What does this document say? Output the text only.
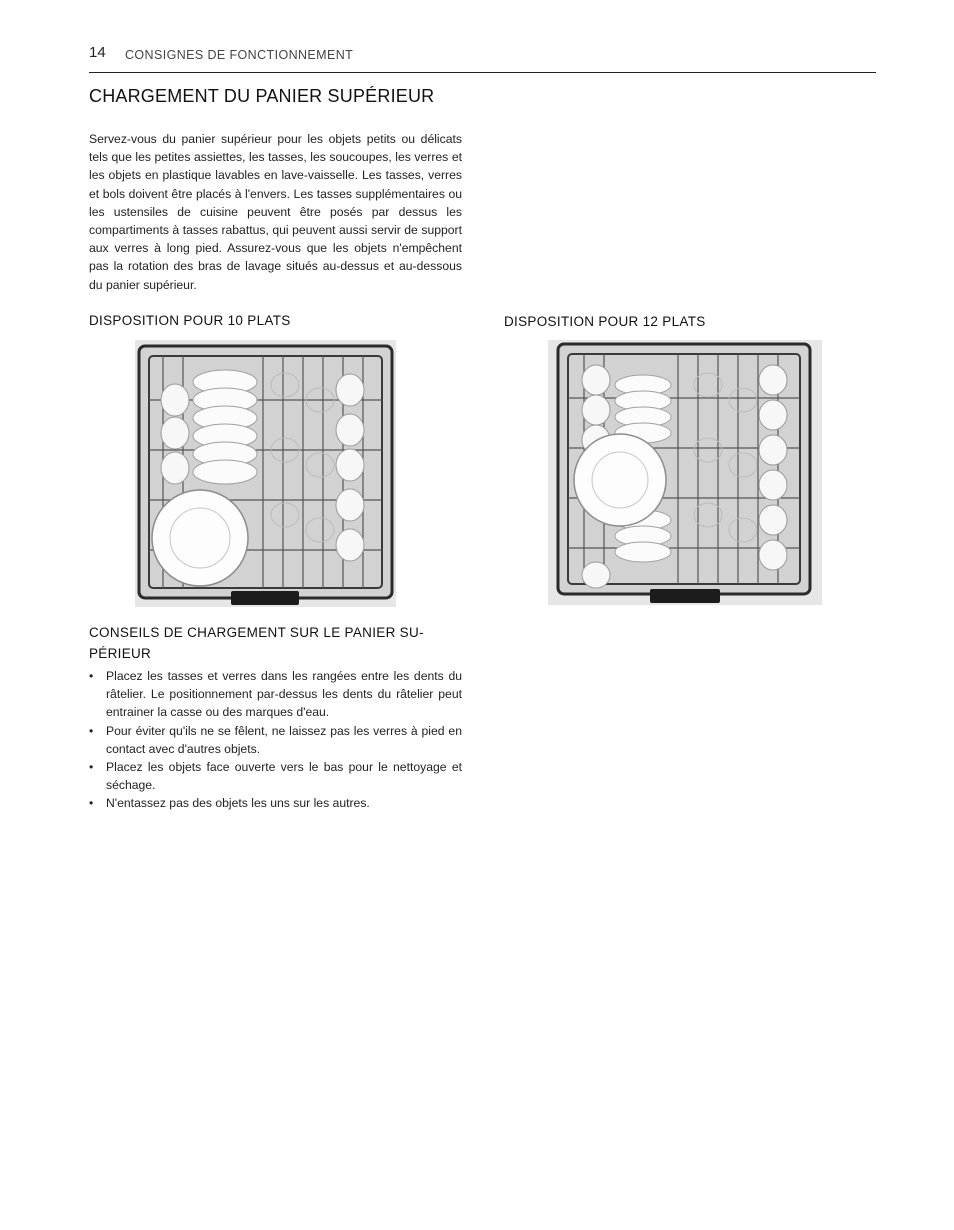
14 CONSIGNES DE FONCTIONNEMENT
CHARGEMENT DU PANIER SUPÉRIEUR

Servez-vous du panier supérieur pour les objets petits ou délicats tels que les petites assiettes, les tasses, les soucoupes, les verres et les objets en plastique lavables en lave-vaisselle. Les tasses, verres et bols doivent être placés à l'envers. Les tasses supplémentaires ou les ustensiles de cuisine peuvent être posés par dessus les compartiments à tasses rabattus, qui peuvent aussi servir de support aux verres à long pied. Assurez-vous que les objets n'empêchent pas la rotation des bras de lavage situés au-dessus et au-dessous du panier supérieur.

DISPOSITION POUR 10 PLATS	DISPOSITION POUR 12 PLATS
CONSEILS DE CHARGEMENT SUR LE PANIER SU-PÉRIEUR
• Placez les tasses et verres dans les rangées entre les dents du râtelier. Le positionnement par-dessus les dents du râtelier peut entrainer la casse ou des marques d'eau.
• Pour éviter qu'ils ne se fêlent, ne laissez pas les verres à pied en contact avec d'autres objets.
• Placez les objets face ouverte vers le bas pour le nettoyage et séchage.
• N'entassez pas des objets les uns sur les autres.
